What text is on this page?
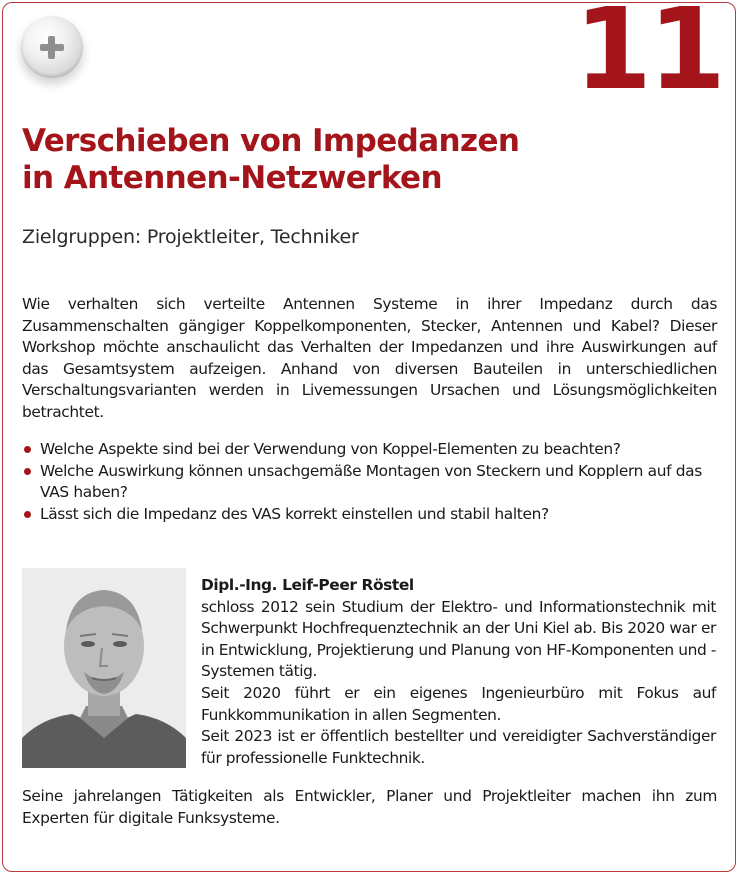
11
Verschieben von Impedanzen
in Antennen-Netzwerken
Zielgruppen: Projektleiter, Techniker
Wie verhalten sich verteilte Antennen Systeme in ihrer Impedanz durch das Zusammenschalten gängiger Koppelkomponenten, Stecker, Antennen und Kabel? Dieser Workshop möchte anschaulicht das Verhalten der Impedanzen und ihre Auswirkungen auf das Gesamtsystem aufzeigen. Anhand von diversen Bauteilen in unterschiedlichen Verschaltungsvarianten werden in Livemessungen Ursachen und Lösungsmöglichkeiten betrachtet.
Welche Aspekte sind bei der Verwendung von Koppel-Elementen zu beachten?
Welche Auswirkung können unsachgemäße Montagen von Steckern und Kopplern auf das VAS haben?
Lässt sich die Impedanz des VAS korrekt einstellen und stabil halten?
Dipl.-Ing. Leif-Peer Röstel

schloss 2012 sein Studium der Elektro- und Informationstechnik mit Schwerpunkt Hochfrequenztechnik an der Uni Kiel ab. Bis 2020 war er in Entwicklung, Projektierung und Planung von HF-Komponenten und -Systemen tätig.

Seit 2020 führt er ein eigenes Ingenieurbüro mit Fokus auf Funkkommunikation in allen Segmenten.

Seit 2023 ist er öffentlich bestellter und vereidigter Sachverständiger für professionelle Funktechnik.

Seine jahrelangen Tätigkeiten als Entwickler, Planer und Projektleiter machen ihn zum Experten für digitale Funksysteme.
